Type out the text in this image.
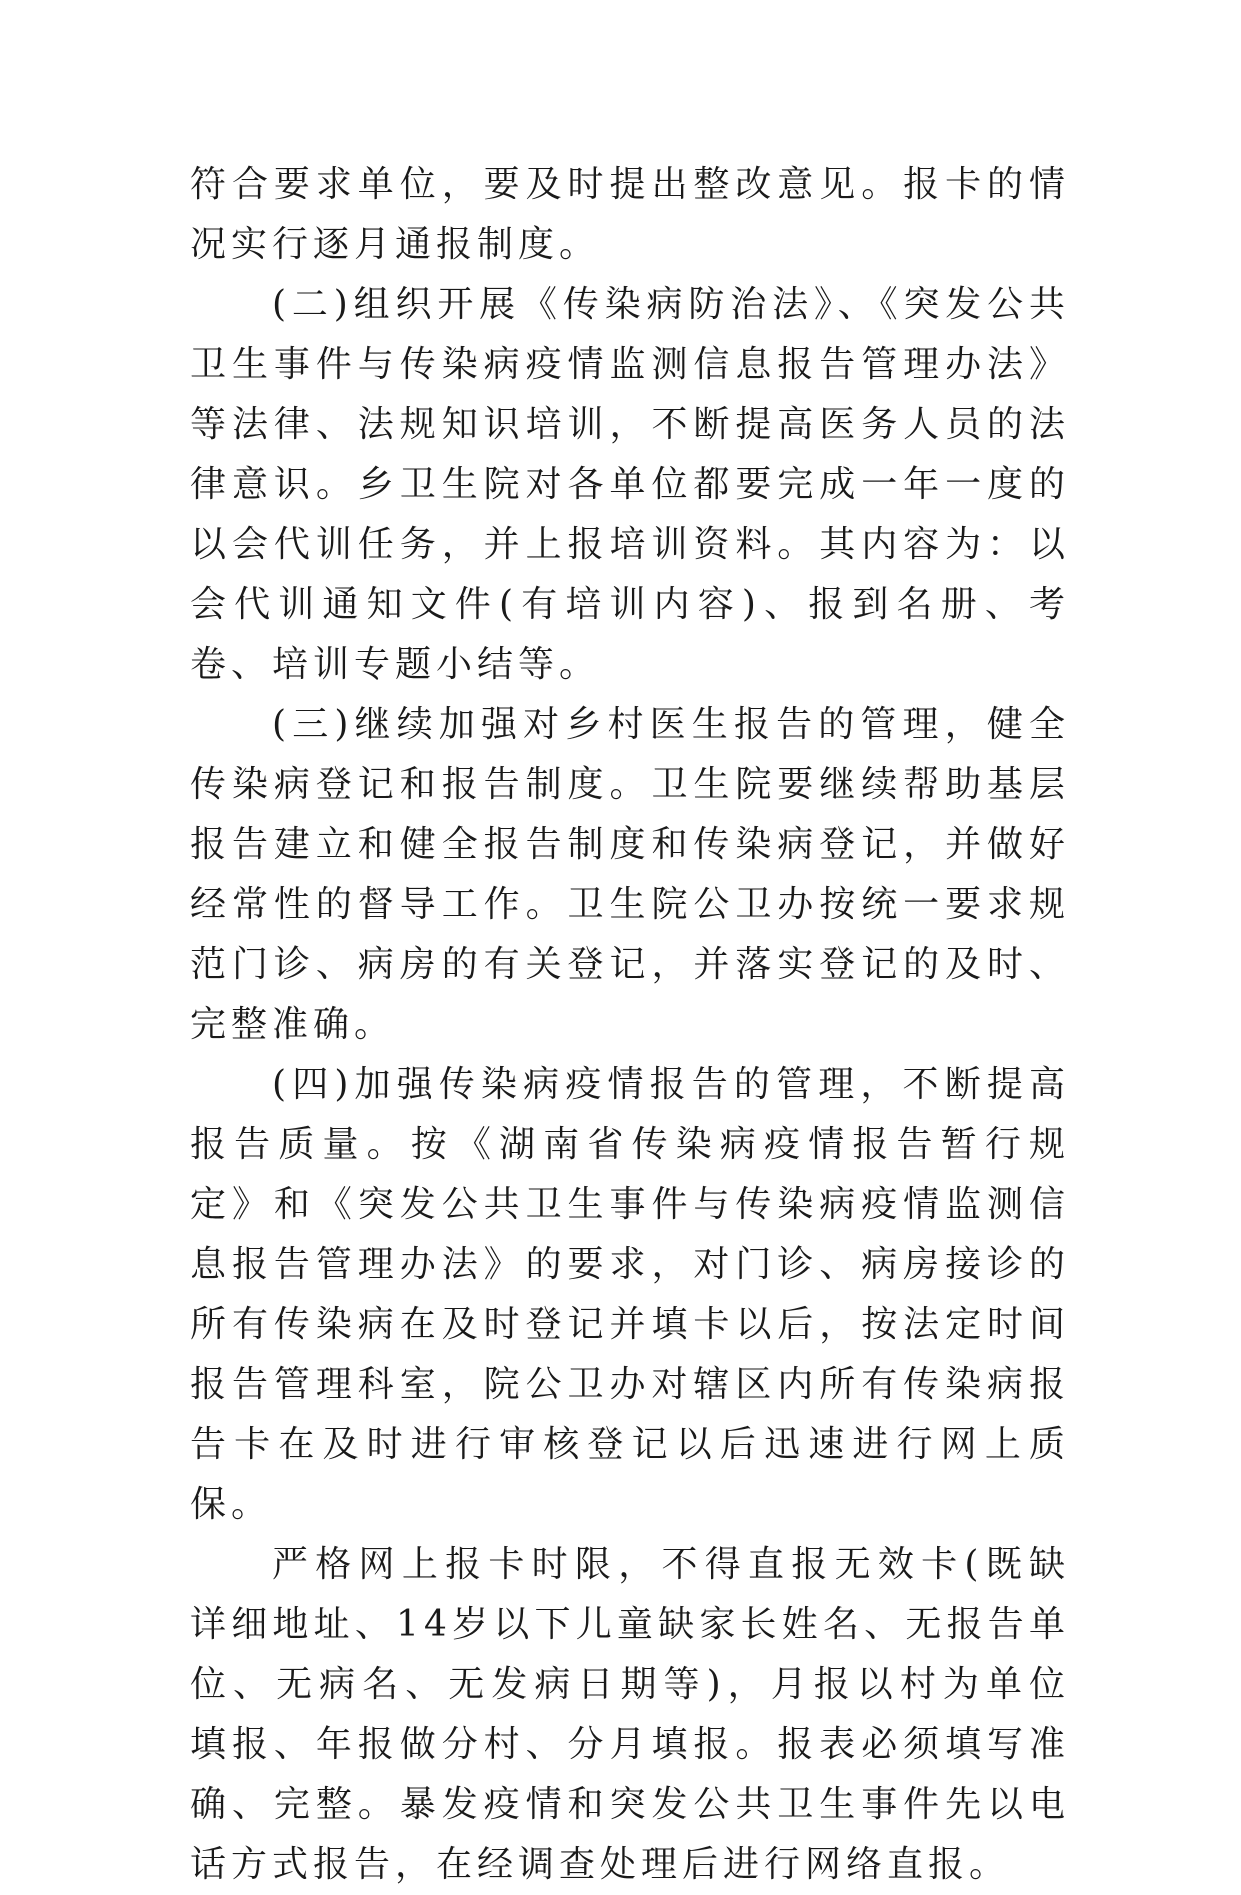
符合要求单位，要及时提出整改意见。报卡的情况实行逐月通报制度。

(二)组织开展《传染病防治法》、《突发公共卫生事件与传染病疫情监测信息报告管理办法》等法律、法规知识培训，不断提高医务人员的法律意识。乡卫生院对各单位都要完成一年一度的以会代训任务，并上报培训资料。其内容为：以会代训通知文件(有培训内容)、报到名册、考卷、培训专题小结等。

(三)继续加强对乡村医生报告的管理，健全传染病登记和报告制度。卫生院要继续帮助基层报告建立和健全报告制度和传染病登记，并做好经常性的督导工作。卫生院公卫办按统一要求规范门诊、病房的有关登记，并落实登记的及时、完整准确。

(四)加强传染病疫情报告的管理，不断提高报告质量。按《湖南省传染病疫情报告暂行规定》和《突发公共卫生事件与传染病疫情监测信息报告管理办法》的要求，对门诊、病房接诊的所有传染病在及时登记并填卡以后，按法定时间报告管理科室，院公卫办对辖区内所有传染病报告卡在及时进行审核登记以后迅速进行网上质保。

严格网上报卡时限，不得直报无效卡(既缺详细地址、14岁以下儿童缺家长姓名、无报告单位、无病名、无发病日期等)，月报以村为单位填报、年报做分村、分月填报。报表必须填写准确、完整。暴发疫情和突发公共卫生事件先以电话方式报告，在经调查处理后进行网络直报。
